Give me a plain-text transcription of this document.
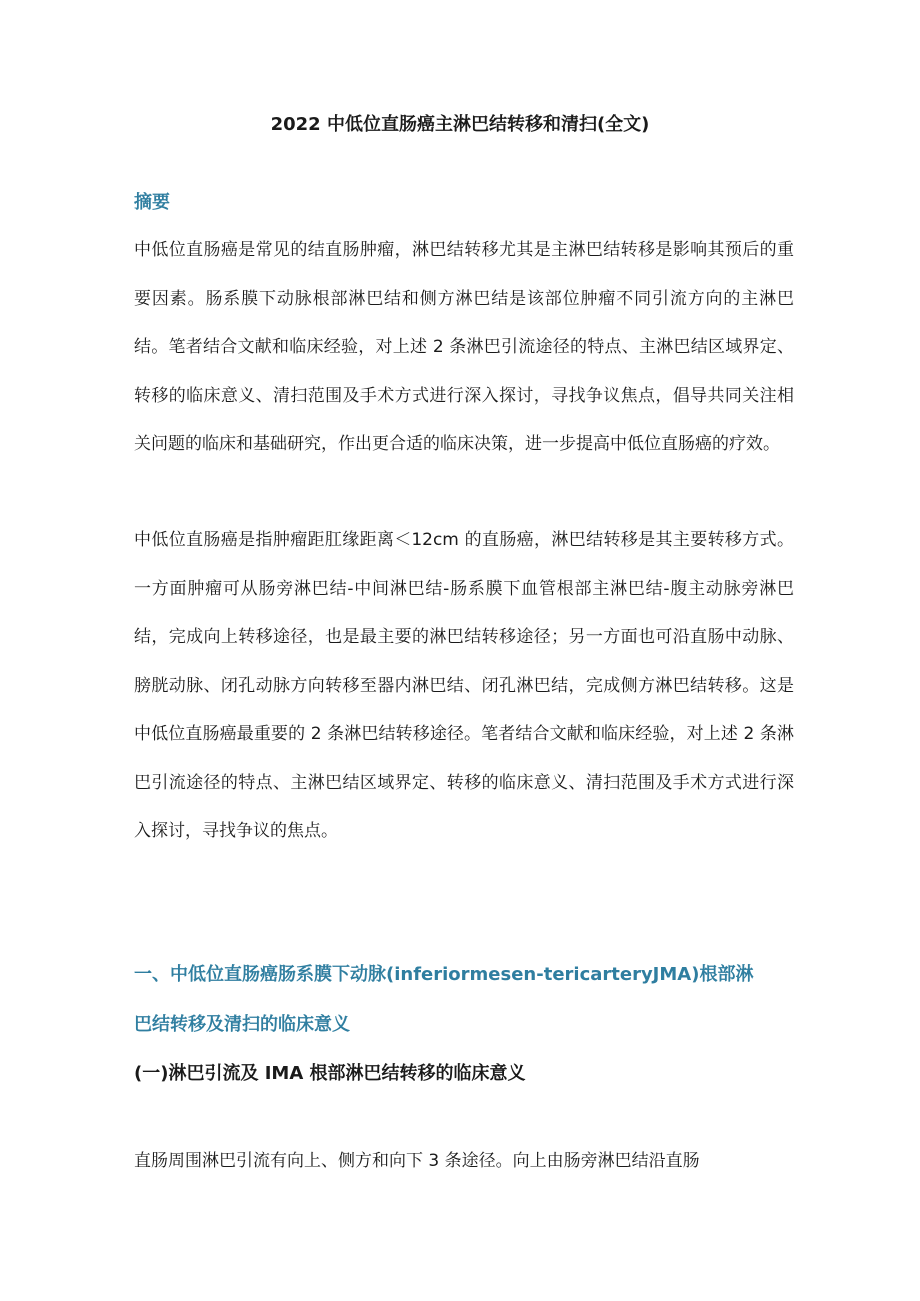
2022 中低位直肠癌主淋巴结转移和清扫(全文)
摘要

中低位直肠癌是常见的结直肠肿瘤，淋巴结转移尤其是主淋巴结转移是影响其预后的重要因素。肠系膜下动脉根部淋巴结和侧方淋巴结是该部位肿瘤不同引流方向的主淋巴结。笔者结合文献和临床经验，对上述 2 条淋巴引流途径的特点、主淋巴结区域界定、转移的临床意义、清扫范围及手术方式进行深入探讨，寻找争议焦点，倡导共同关注相关问题的临床和基础研究，作出更合适的临床决策，进一步提高中低位直肠癌的疗效。

中低位直肠癌是指肿瘤距肛缘距离＜12cm 的直肠癌，淋巴结转移是其主要转移方式。一方面肿瘤可从肠旁淋巴结-中间淋巴结-肠系膜下血管根部主淋巴结-腹主动脉旁淋巴结，完成向上转移途径，也是最主要的淋巴结转移途径；另一方面也可沿直肠中动脉、膀胱动脉、闭孔动脉方向转移至器内淋巴结、闭孔淋巴结，完成侧方淋巴结转移。这是中低位直肠癌最重要的 2 条淋巴结转移途径。笔者结合文献和临床经验，对上述 2 条淋巴引流途径的特点、主淋巴结区域界定、转移的临床意义、清扫范围及手术方式进行深入探讨，寻找争议的焦点。

一、中低位直肠癌肠系膜下动脉(inferiormesen-tericarteryJMA)根部淋
巴结转移及清扫的临床意义
(一)淋巴引流及 IMA 根部淋巴结转移的临床意义

直肠周围淋巴引流有向上、侧方和向下 3 条途径。向上由肠旁淋巴结沿直肠
